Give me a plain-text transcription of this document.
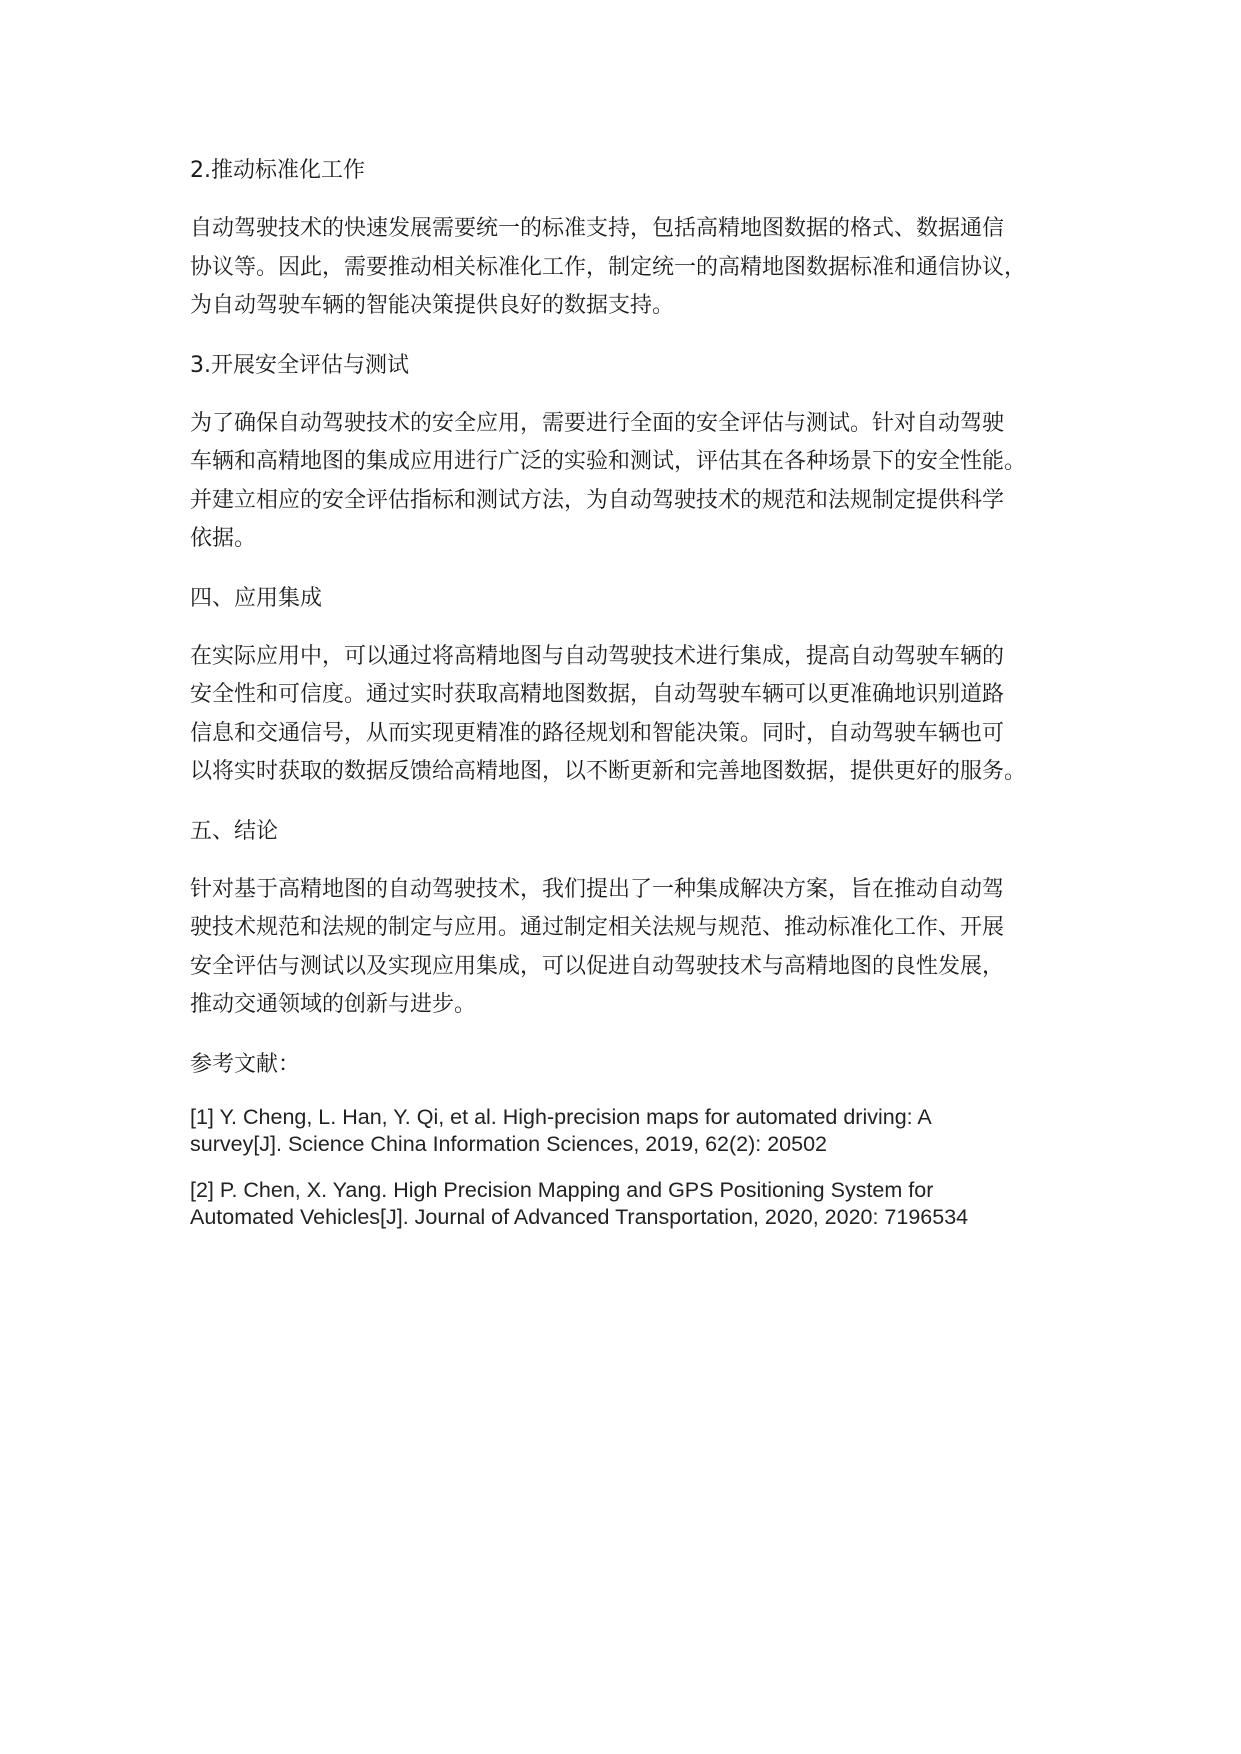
2.推动标准化工作
自动驾驶技术的快速发展需要统一的标准支持，包括高精地图数据的格式、数据通信
协议等。因此，需要推动相关标准化工作，制定统一的高精地图数据标准和通信协议，
为自动驾驶车辆的智能决策提供良好的数据支持。
3.开展安全评估与测试
为了确保自动驾驶技术的安全应用，需要进行全面的安全评估与测试。针对自动驾驶
车辆和高精地图的集成应用进行广泛的实验和测试，评估其在各种场景下的安全性能。
并建立相应的安全评估指标和测试方法，为自动驾驶技术的规范和法规制定提供科学
依据。
四、应用集成
在实际应用中，可以通过将高精地图与自动驾驶技术进行集成，提高自动驾驶车辆的
安全性和可信度。通过实时获取高精地图数据，自动驾驶车辆可以更准确地识别道路
信息和交通信号，从而实现更精准的路径规划和智能决策。同时，自动驾驶车辆也可
以将实时获取的数据反馈给高精地图，以不断更新和完善地图数据，提供更好的服务。
五、结论
针对基于高精地图的自动驾驶技术，我们提出了一种集成解决方案，旨在推动自动驾
驶技术规范和法规的制定与应用。通过制定相关法规与规范、推动标准化工作、开展
安全评估与测试以及实现应用集成，可以促进自动驾驶技术与高精地图的良性发展，
推动交通领域的创新与进步。
参考文献：
[1] Y. Cheng, L. Han, Y. Qi, et al. High-precision maps for automated driving: A
survey[J]. Science China Information Sciences, 2019, 62(2): 20502
[2] P. Chen, X. Yang. High Precision Mapping and GPS Positioning System for
Automated Vehicles[J]. Journal of Advanced Transportation, 2020, 2020: 7196534
